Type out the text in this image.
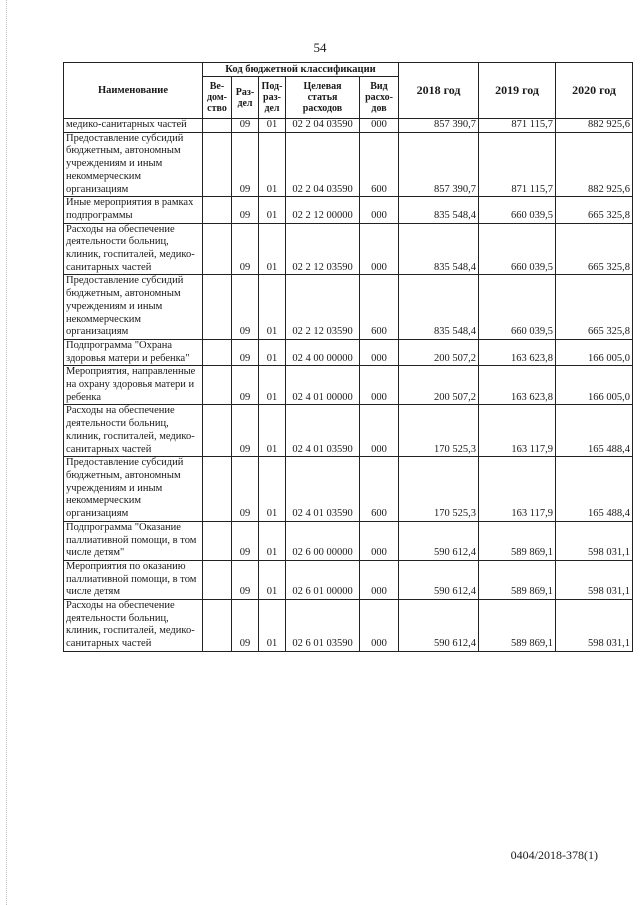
54
Наименование	Код бюджетной классификации					2018 год	2019 год	2020 год
	Ве-дом-ство	Раз-дел	Под-раз-дел	Целевая статья расходов	Вид расхо-дов			
медико-санитарных частей		09	01	02 2 04 03590	000	857 390,7	871 115,7	882 925,6
Предоставление субсидий бюджетным, автономным учреждениям и иным некоммерческим организациям		09	01	02 2 04 03590	600	857 390,7	871 115,7	882 925,6
Иные мероприятия в рамках подпрограммы		09	01	02 2 12 00000	000	835 548,4	660 039,5	665 325,8
Расходы на обеспечение деятельности больниц, клиник, госпиталей, медико-санитарных частей		09	01	02 2 12 03590	000	835 548,4	660 039,5	665 325,8
Предоставление субсидий бюджетным, автономным учреждениям и иным некоммерческим организациям		09	01	02 2 12 03590	600	835 548,4	660 039,5	665 325,8
Подпрограмма "Охрана здоровья матери и ребенка"		09	01	02 4 00 00000	000	200 507,2	163 623,8	166 005,0
Мероприятия, направленные на охрану здоровья матери и ребенка		09	01	02 4 01 00000	000	200 507,2	163 623,8	166 005,0
Расходы на обеспечение деятельности больниц, клиник, госпиталей, медико-санитарных частей		09	01	02 4 01 03590	000	170 525,3	163 117,9	165 488,4
Предоставление субсидий бюджетным, автономным учреждениям и иным некоммерческим организациям		09	01	02 4 01 03590	600	170 525,3	163 117,9	165 488,4
Подпрограмма "Оказание паллиативной помощи, в том числе детям"		09	01	02 6 00 00000	000	590 612,4	589 869,1	598 031,1
Мероприятия по оказанию паллиативной помощи, в том числе детям		09	01	02 6 01 00000	000	590 612,4	589 869,1	598 031,1
Расходы на обеспечение деятельности больниц, клиник, госпиталей, медико-санитарных частей		09	01	02 6 01 03590	000	590 612,4	589 869,1	598 031,1
0404/2018-378(1)
